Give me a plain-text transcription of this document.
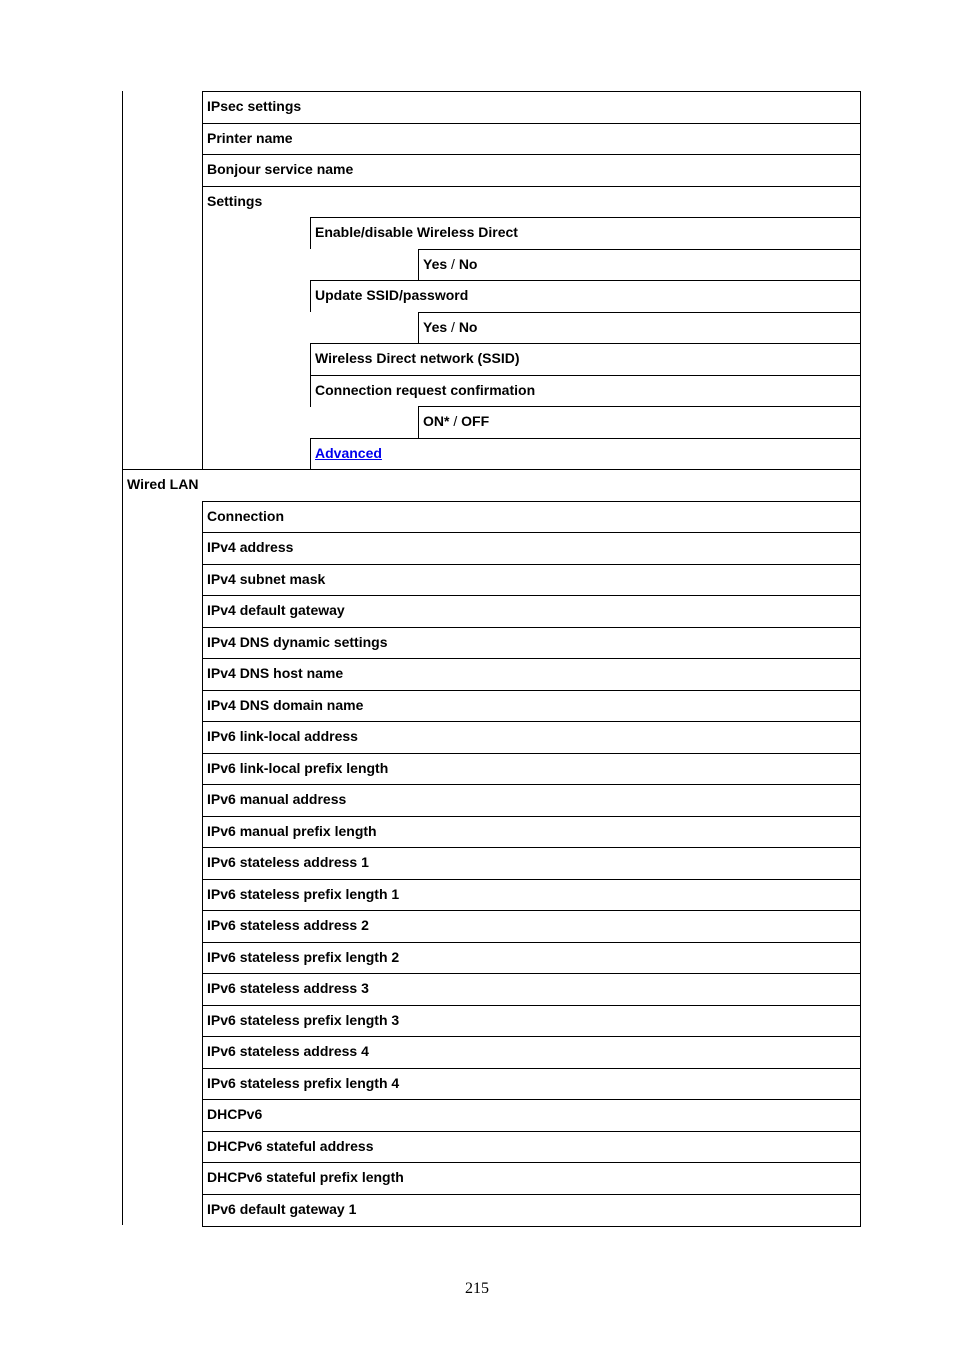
IPsec settings
Printer name
Bonjour service name
Settings
Enable/disable Wireless Direct
Yes / No
Update SSID/password
Yes / No
Wireless Direct network (SSID)
Connection request confirmation
ON* / OFF
Advanced
Wired LAN
Connection
IPv4 address
IPv4 subnet mask
IPv4 default gateway
IPv4 DNS dynamic settings
IPv4 DNS host name
IPv4 DNS domain name
IPv6 link-local address
IPv6 link-local prefix length
IPv6 manual address
IPv6 manual prefix length
IPv6 stateless address 1
IPv6 stateless prefix length 1
IPv6 stateless address 2
IPv6 stateless prefix length 2
IPv6 stateless address 3
IPv6 stateless prefix length 3
IPv6 stateless address 4
IPv6 stateless prefix length 4
DHCPv6
DHCPv6 stateful address
DHCPv6 stateful prefix length
IPv6 default gateway 1
215
